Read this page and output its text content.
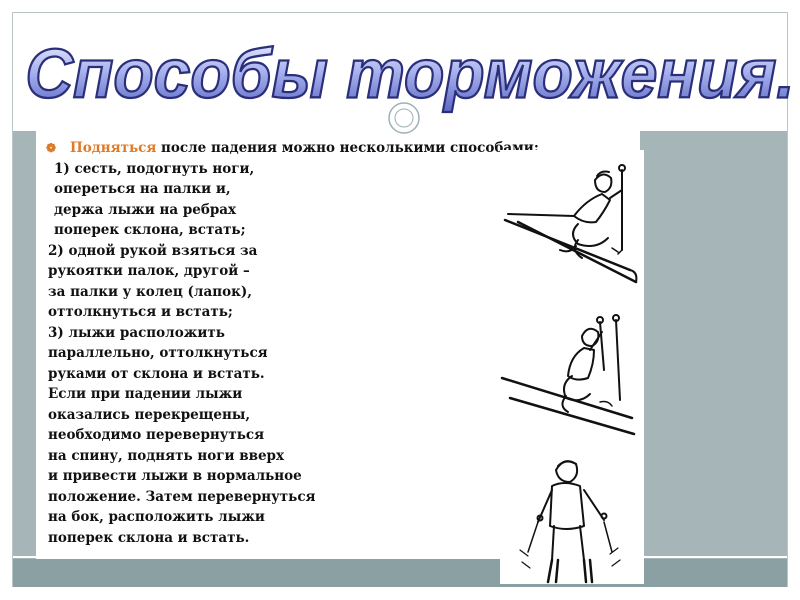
Способы торможения.
❁ Подняться после падения можно несколькими способами:
1) сесть, подогнуть ноги,
опереться на палки и,
держа лыжи на ребрах
поперек склона, встать;
2) одной рукой взяться за
рукоятки палок, другой –
за палки у колец (лапок),
оттолкнуться и встать;
3) лыжи расположить
параллельно, оттолкнуться
руками от склона и встать.
Если при падении лыжи
оказались перекрещены,
необходимо перевернуться
на спину, поднять ноги вверх
и привести лыжи в нормальное
положение. Затем перевернуться
на бок, расположить лыжи
поперек склона и встать.
